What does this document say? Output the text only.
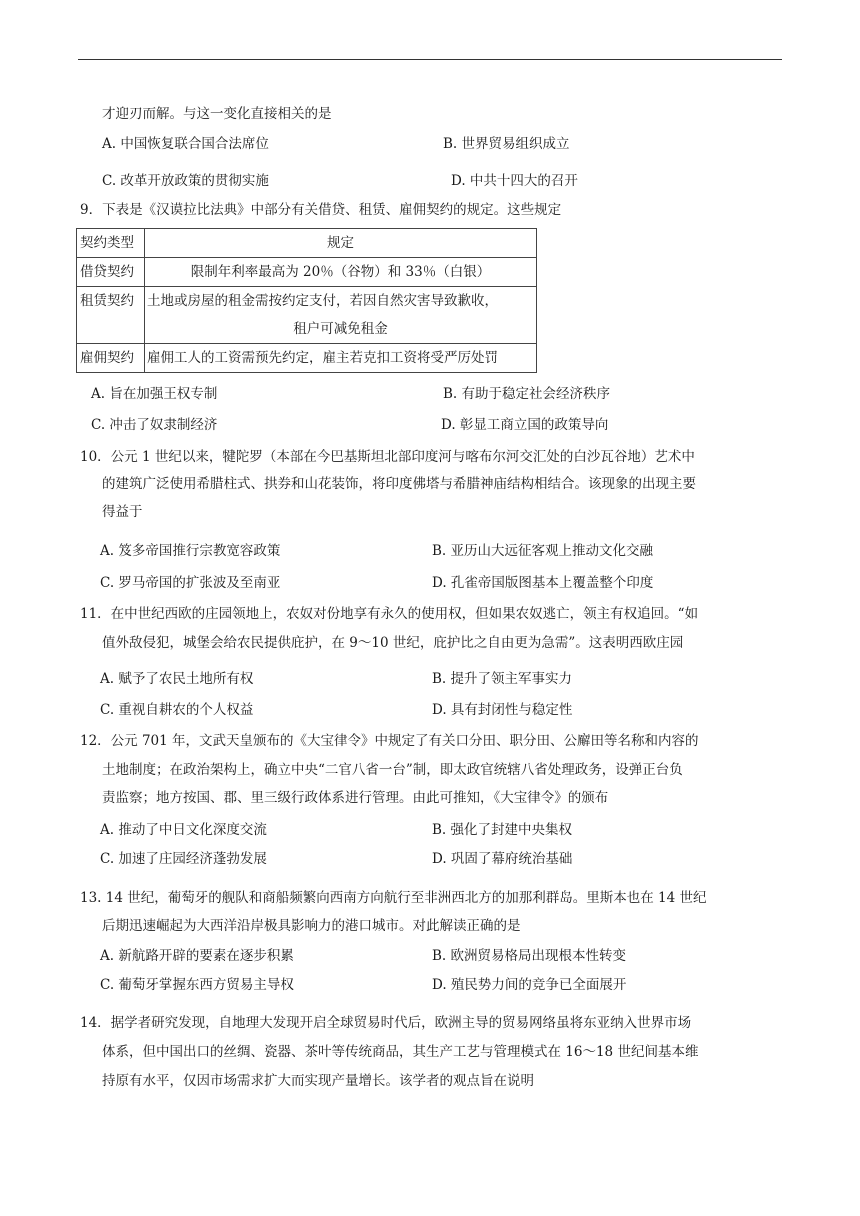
才迎刃而解。与这一变化直接相关的是
A. 中国恢复联合国合法席位	B. 世界贸易组织成立
C. 改革开放政策的贯彻实施	D. 中共十四大的召开
9．下表是《汉谟拉比法典》中部分有关借贷、租赁、雇佣契约的规定。这些规定
契约类型	规定
借贷契约	限制年利率最高为 20％（谷物）和 33％（白银）
租赁契约	土地或房屋的租金需按约定支付，若因自然灾害导致歉收，
租户可减免租金

雇佣契约	雇佣工人的工资需预先约定，雇主若克扣工资将受严厉处罚
A. 旨在加强王权专制	B. 有助于稳定社会经济秩序
C. 冲击了奴隶制经济	D. 彰显工商立国的政策导向
10．公元 1 世纪以来，犍陀罗（本部在今巴基斯坦北部印度河与喀布尔河交汇处的白沙瓦谷地）艺术中
的建筑广泛使用希腊柱式、拱券和山花装饰，将印度佛塔与希腊神庙结构相结合。该现象的出现主要
得益于
A. 笈多帝国推行宗教宽容政策	B. 亚历山大远征客观上推动文化交融
C. 罗马帝国的扩张波及至南亚	D. 孔雀帝国版图基本上覆盖整个印度
11．在中世纪西欧的庄园领地上，农奴对份地享有永久的使用权，但如果农奴逃亡，领主有权追回。“如
值外敌侵犯，城堡会给农民提供庇护，在 9～10 世纪，庇护比之自由更为急需”。这表明西欧庄园
A. 赋予了农民土地所有权	B. 提升了领主军事实力
C. 重视自耕农的个人权益	D. 具有封闭性与稳定性
12．公元 701 年，文武天皇颁布的《大宝律令》中规定了有关口分田、职分田、公廨田等名称和内容的
土地制度；在政治架构上，确立中央“二官八省一台”制，即太政官统辖八省处理政务，设弹正台负
责监察；地方按国、郡、里三级行政体系进行管理。由此可推知，《大宝律令》的颁布
A. 推动了中日文化深度交流	B. 强化了封建中央集权
C. 加速了庄园经济蓬勃发展	D. 巩固了幕府统治基础
13. 14 世纪，葡萄牙的舰队和商船频繁向西南方向航行至非洲西北方的加那利群岛。里斯本也在 14 世纪
后期迅速崛起为大西洋沿岸极具影响力的港口城市。对此解读正确的是
A. 新航路开辟的要素在逐步积累	B. 欧洲贸易格局出现根本性转变
C. 葡萄牙掌握东西方贸易主导权	D. 殖民势力间的竞争已全面展开
14．据学者研究发现，自地理大发现开启全球贸易时代后，欧洲主导的贸易网络虽将东亚纳入世界市场
体系，但中国出口的丝绸、瓷器、茶叶等传统商品，其生产工艺与管理模式在 16～18 世纪间基本维
持原有水平，仅因市场需求扩大而实现产量增长。该学者的观点旨在说明
